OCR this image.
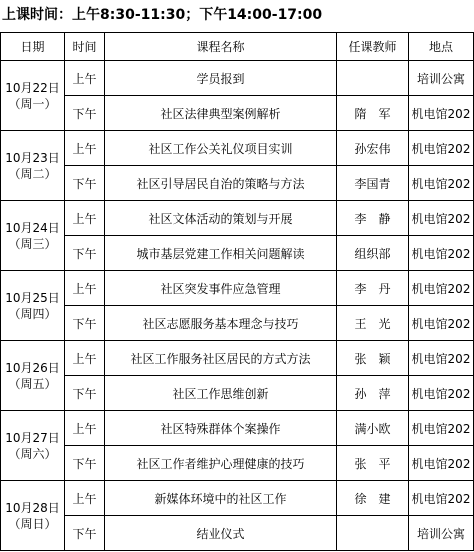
上课时间：上午8:30-11:30；下午14:00-17:00
日期	时间	课程名称	任课教师	地点

10月22日
（周一）	上午	学员报到		培训公寓
	下午	社区法律典型案例解析	隋　军	机电馆202

10月23日
（周二）	上午	社区工作公关礼仪项目实训	孙宏伟	机电馆202
	下午	社区引导居民自治的策略与方法	李国青	机电馆202

10月24日
（周三）	上午	社区文体活动的策划与开展	李　静	机电馆202
	下午	城市基层党建工作相关问题解读	组织部	机电馆202

10月25日
（周四）	上午	社区突发事件应急管理	李　丹	机电馆202
	下午	社区志愿服务基本理念与技巧	王　光	机电馆202

10月26日
（周五）	上午	社区工作服务社区居民的方式方法	张　颖	机电馆202
	下午	社区工作思维创新	孙　萍	机电馆202

10月27日
（周六）	上午	社区特殊群体个案操作	满小欧	机电馆202
	下午	社区工作者维护心理健康的技巧	张　平	机电馆202

10月28日
（周日）	上午	新媒体环境中的社区工作	徐　建	机电馆202
	下午	结业仪式		培训公寓
